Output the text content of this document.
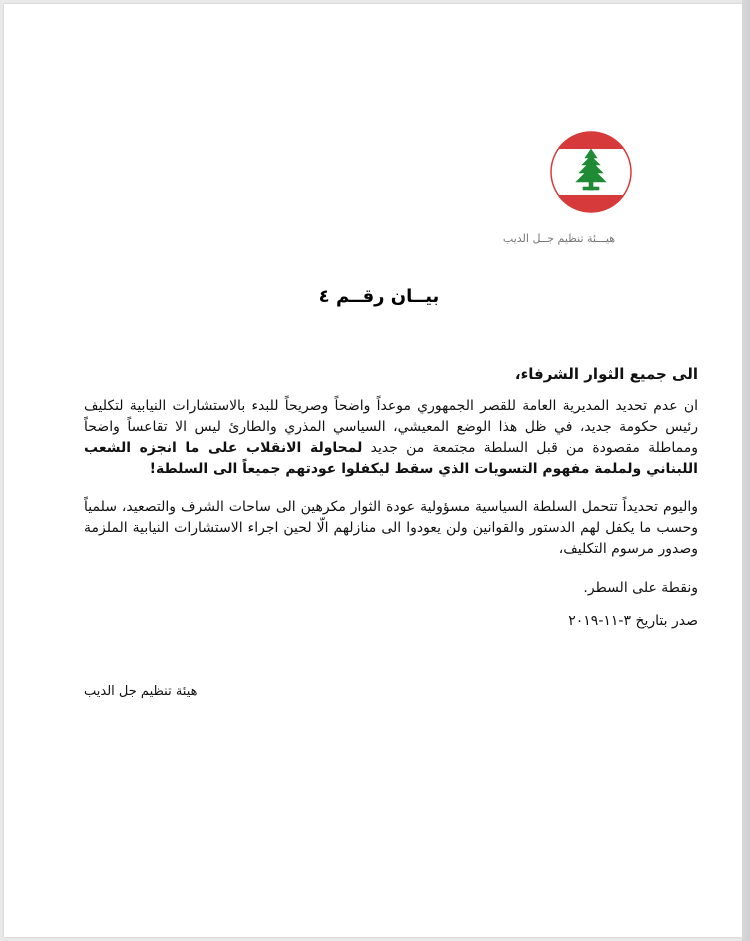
هيـــئة تنظيم جــل الديب
بيــان رقــم ٤
الى جميع الثوار الشرفاء،
ان عدم تحديد المديرية العامة للقصر الجمهوري موعداً واضحاً وصريحاً للبدء بالاستشارات النيابية لتكليف رئيس حكومة جديد، في ظل هذا الوضع المعيشي، السياسي المذري والطارئ ليس الا تقاعساً واضحاً ومماطلة مقصودة من قبل السلطة مجتمعة من جديد لمحاولة الانقلاب على ما انجزه الشعب اللبناني ولملمة مفهوم التسويات الذي سقط ليكفلوا عودتهم جميعاً الى السلطة!
واليوم تحديداً تتحمل السلطة السياسية مسؤولية عودة الثوار مكرهين الى ساحات الشرف والتصعيد، سلمياً وحسب ما يكفل لهم الدستور والقوانين ولن يعودوا الى منازلهم الّا لحين اجراء الاستشارات النيابية الملزمة وصدور مرسوم التكليف،
ونقطة على السطر.
صدر بتاريخ ٣-١١-٢٠١٩
هيئة تنظيم جل الديب
